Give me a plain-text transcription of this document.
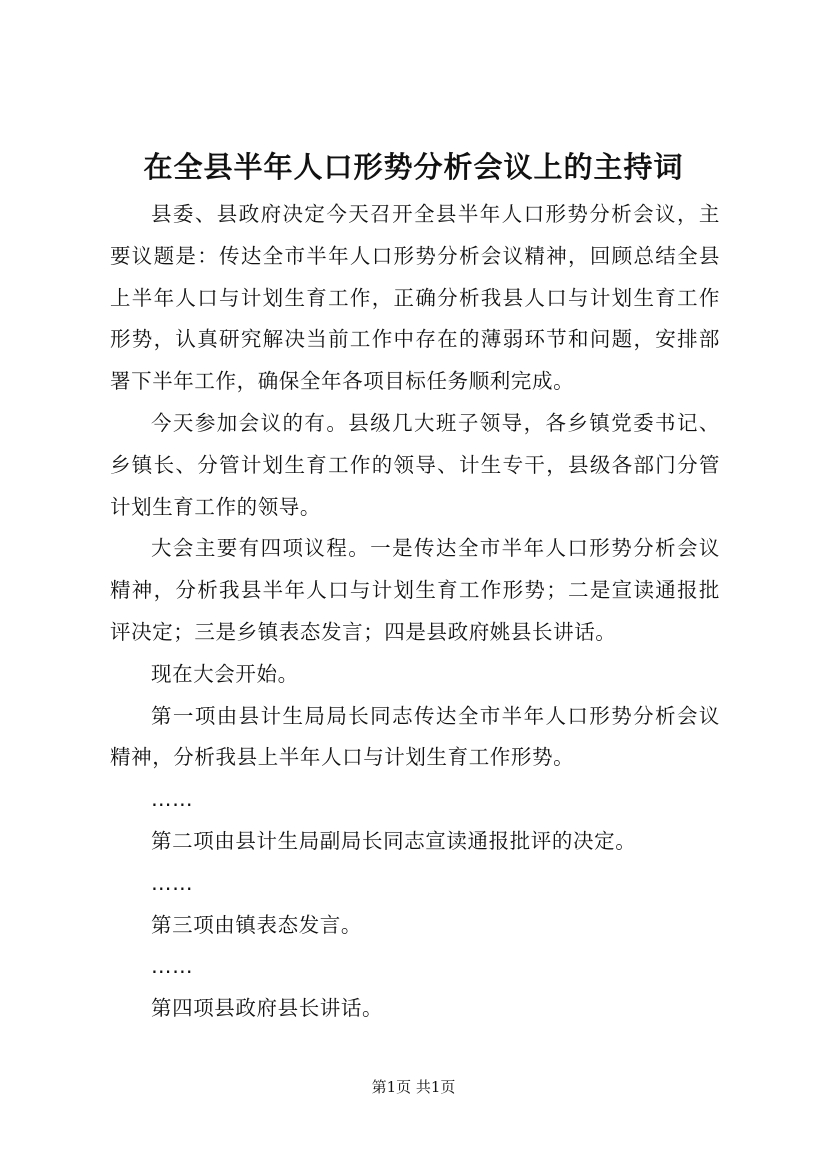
在全县半年人口形势分析会议上的主持词

县委、县政府决定今天召开全县半年人口形势分析会议，主要议题是：传达全市半年人口形势分析会议精神，回顾总结全县上半年人口与计划生育工作，正确分析我县人口与计划生育工作形势，认真研究解决当前工作中存在的薄弱环节和问题，安排部署下半年工作，确保全年各项目标任务顺利完成。

今天参加会议的有。县级几大班子领导，各乡镇党委书记、乡镇长、分管计划生育工作的领导、计生专干，县级各部门分管计划生育工作的领导。

大会主要有四项议程。一是传达全市半年人口形势分析会议精神，分析我县半年人口与计划生育工作形势；二是宣读通报批评决定；三是乡镇表态发言；四是县政府姚县长讲话。

现在大会开始。

第一项由县计生局局长同志传达全市半年人口形势分析会议精神，分析我县上半年人口与计划生育工作形势。

……

第二项由县计生局副局长同志宣读通报批评的决定。

……

第三项由镇表态发言。

……

第四项县政府县长讲话。

第1页 共1页
